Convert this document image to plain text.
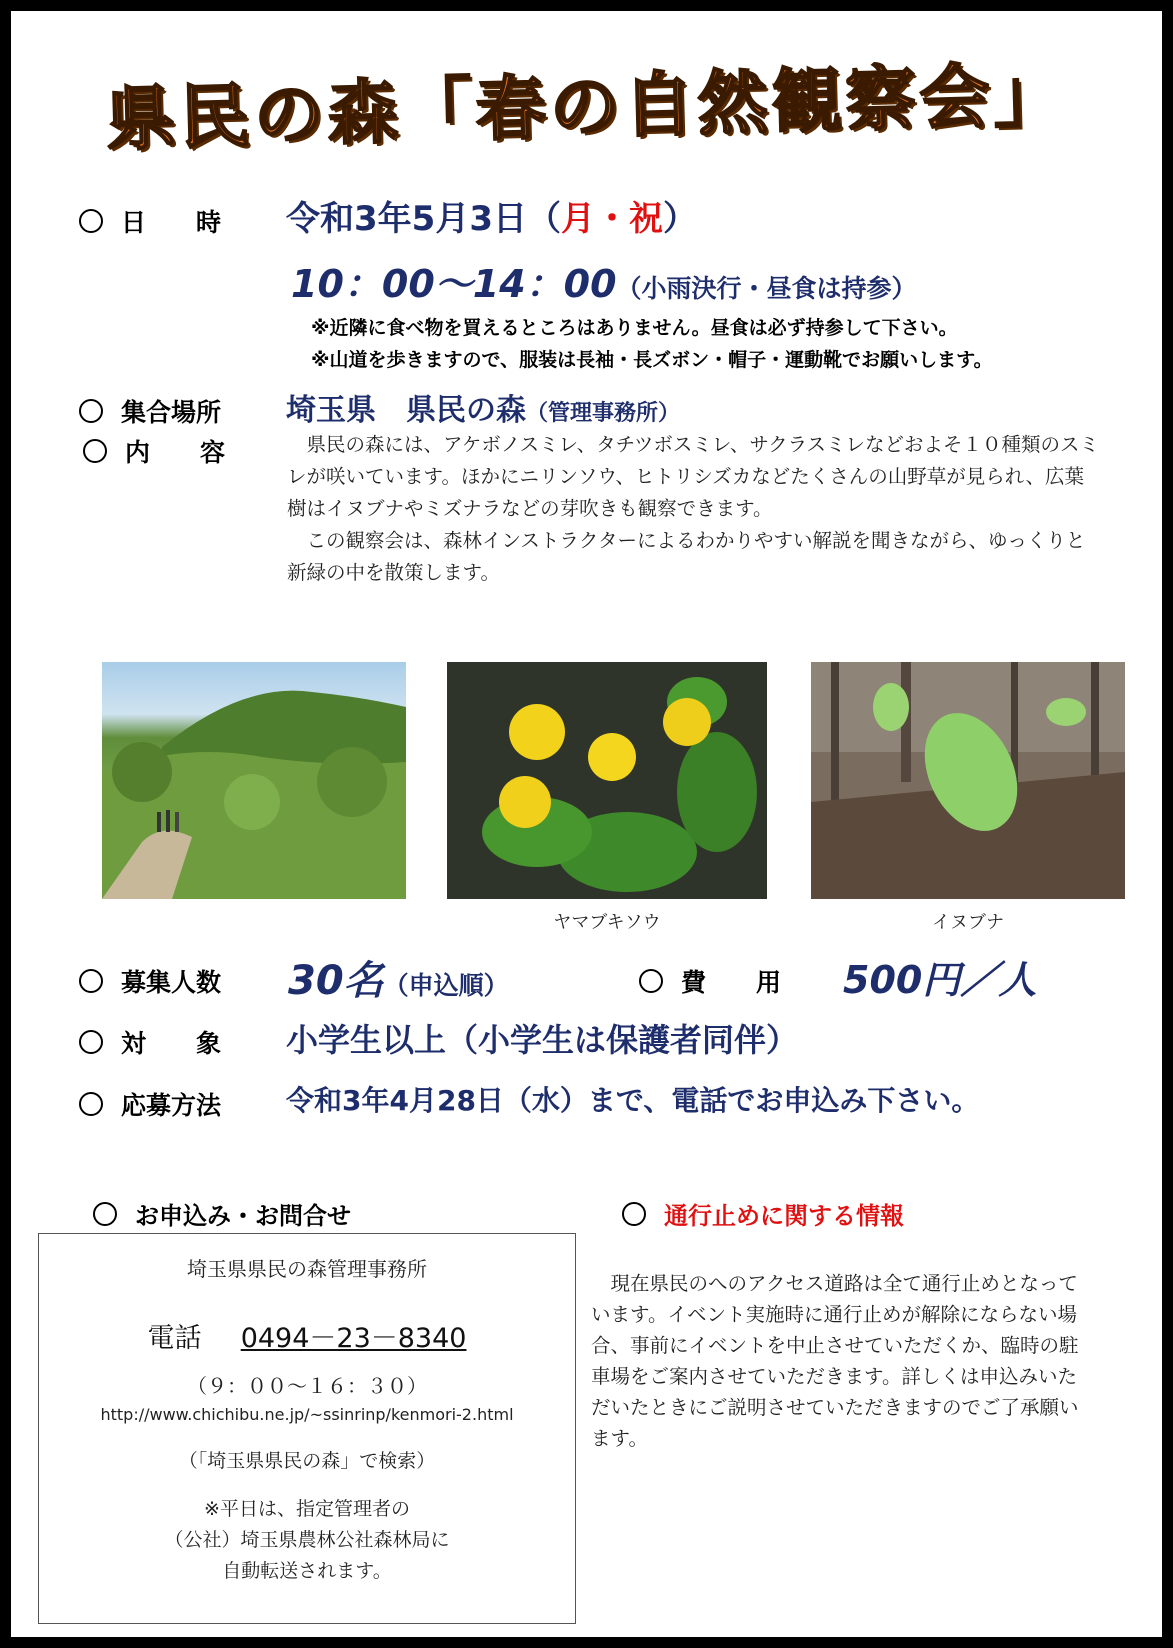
県民の森「春の自然観察会」
日　　時 令和3年5月3日（月・祝）
10：00〜14：00（小雨決行・昼食は持参）
※近隣に食べ物を買えるところはありません。昼食は必ず持参して下さい。
※山道を歩きますので、服装は長袖・長ズボン・帽子・運動靴でお願いします。
集合場所 埼玉県　県民の森（管理事務所）
内　　容	　県民の森には、アケボノスミレ、タチツボスミレ、サクラスミレなどおよそ１０種類のスミレが咲いています。ほかにニリンソウ、ヒトリシズカなどたくさんの山野草が見られ、広葉樹はイヌブナやミズナラなどの芽吹きも観察できます。
　この観察会は、森林インストラクターによるわかりやすい解説を聞きながら、ゆっくりと新緑の中を散策します。
ヤマブキソウ	イヌブナ
募集人数 30名（申込順）	費　　用 500円／人
対　　象 小学生以上（小学生は保護者同伴）
応募方法 令和3年4月28日（水）まで、電話でお申込み下さい。
お申込み・お問合せ	通行止めに関する情報
埼玉県県民の森管理事務所
電話 0494－23－8340
（９：００〜１６：３０）
http://www.chichibu.ne.jp/~ssinrinp/kenmori-2.html
（「埼玉県県民の森」で検索）
※平日は、指定管理者の
（公社）埼玉県農林公社森林局に
自動転送されます。
　現在県民のへのアクセス道路は全て通行止めとなっています。イベント実施時に通行止めが解除にならない場合、事前にイベントを中止させていただくか、臨時の駐車場をご案内させていただきます。詳しくは申込みいただいたときにご説明させていただきますのでご了承願います。
